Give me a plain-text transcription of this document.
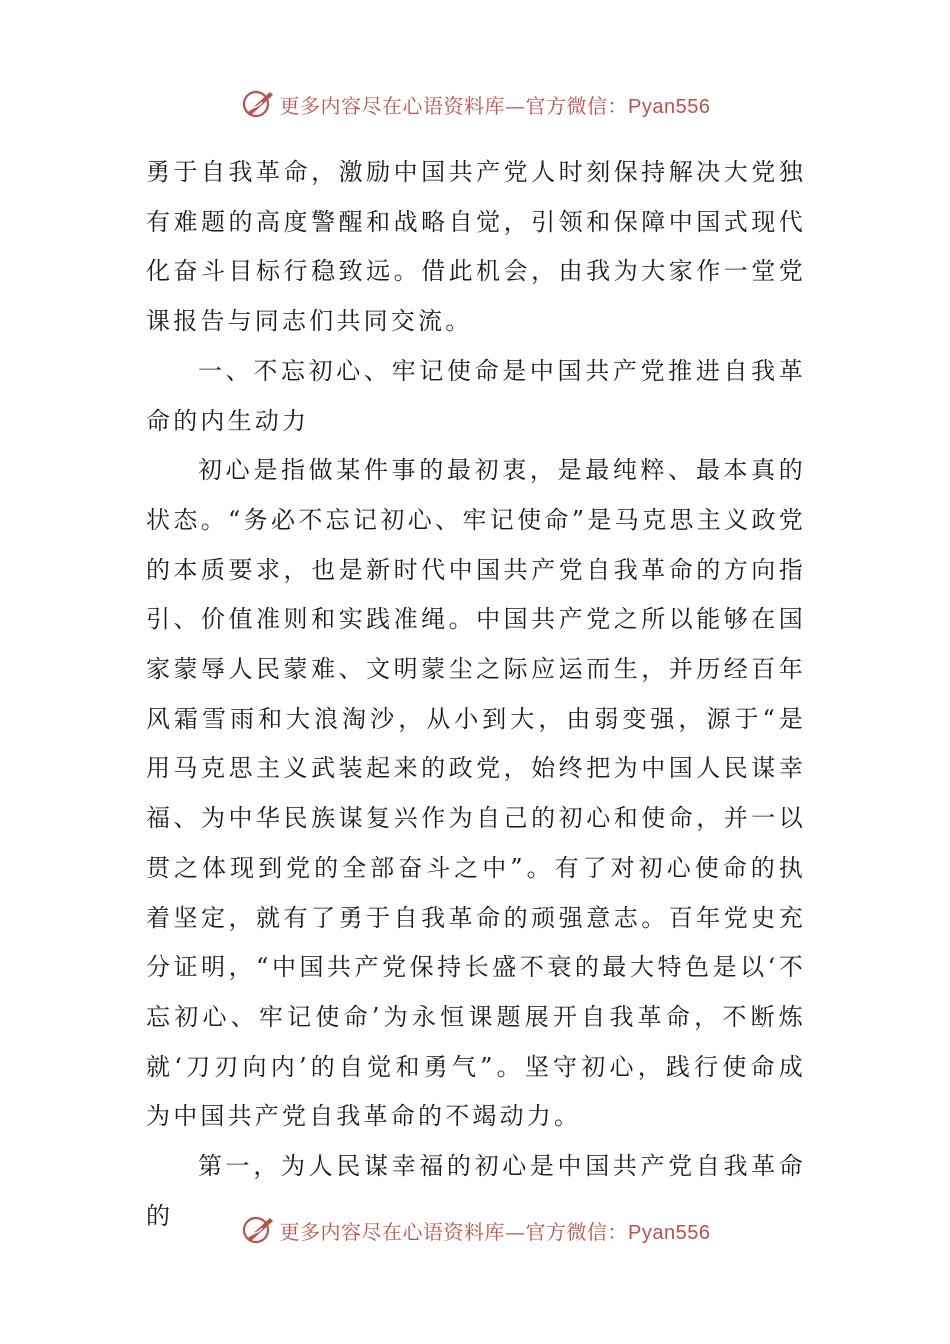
更多内容尽在心语资料库—官方微信：Pyan556

勇于自我革命，激励中国共产党人时刻保持解决大党独有难题的高度警醒和战略自觉，引领和保障中国式现代化奋斗目标行稳致远。借此机会，由我为大家作一堂党课报告与同志们共同交流。

一、不忘初心、牢记使命是中国共产党推进自我革命的内生动力

初心是指做某件事的最初衷，是最纯粹、最本真的状态。“务必不忘记初心、牢记使命”是马克思主义政党的本质要求，也是新时代中国共产党自我革命的方向指引、价值准则和实践准绳。中国共产党之所以能够在国家蒙辱人民蒙难、文明蒙尘之际应运而生，并历经百年风霜雪雨和大浪淘沙，从小到大，由弱变强，源于“是用马克思主义武装起来的政党，始终把为中国人民谋幸福、为中华民族谋复兴作为自己的初心和使命，并一以贯之体现到党的全部奋斗之中”。有了对初心使命的执着坚定，就有了勇于自我革命的顽强意志。百年党史充分证明，“中国共产党保持长盛不衰的最大特色是以‘不忘初心、牢记使命’为永恒课题展开自我革命，不断炼就‘刀刃向内’的自觉和勇气”。坚守初心，践行使命成为中国共产党自我革命的不竭动力。

第一，为人民谋幸福的初心是中国共产党自我革命的

更多内容尽在心语资料库—官方微信：Pyan556
